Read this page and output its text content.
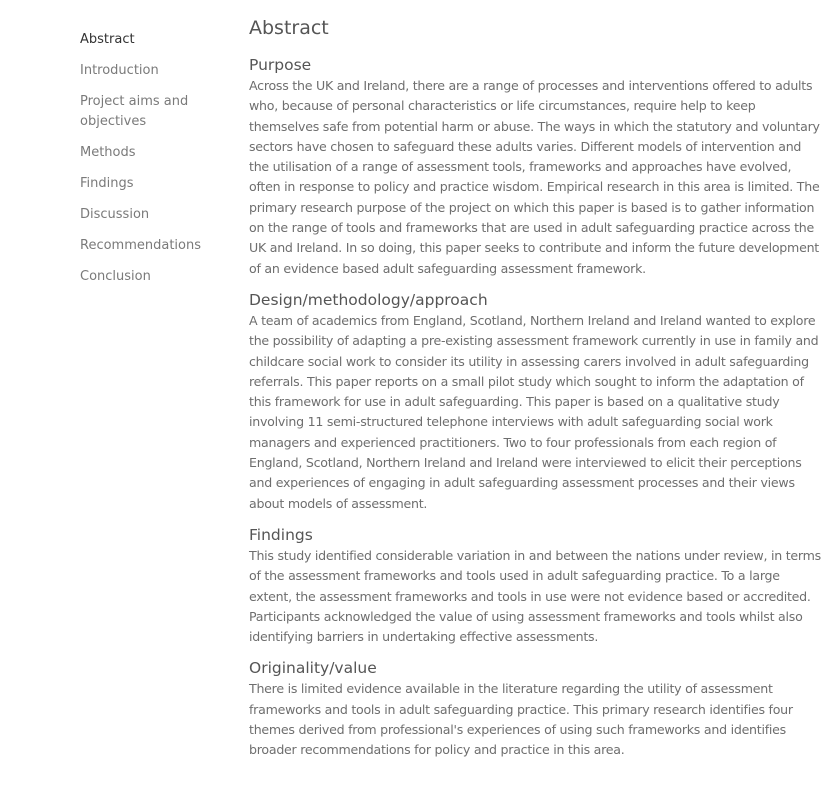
Abstract
Introduction
Project aims and objectives
Methods
Findings
Discussion
Recommendations
Conclusion
Abstract
Purpose

Across the UK and Ireland, there are a range of processes and interventions offered to adults who, because of personal characteristics or life circumstances, require help to keep themselves safe from potential harm or abuse. The ways in which the statutory and voluntary sectors have chosen to safeguard these adults varies. Different models of intervention and the utilisation of a range of assessment tools, frameworks and approaches have evolved, often in response to policy and practice wisdom. Empirical research in this area is limited. The primary research purpose of the project on which this paper is based is to gather information on the range of tools and frameworks that are used in adult safeguarding practice across the UK and Ireland. In so doing, this paper seeks to contribute and inform the future development of an evidence based adult safeguarding assessment framework.

Design/methodology/approach

A team of academics from England, Scotland, Northern Ireland and Ireland wanted to explore the possibility of adapting a pre-existing assessment framework currently in use in family and childcare social work to consider its utility in assessing carers involved in adult safeguarding referrals. This paper reports on a small pilot study which sought to inform the adaptation of this framework for use in adult safeguarding. This paper is based on a qualitative study involving 11 semi-structured telephone interviews with adult safeguarding social work managers and experienced practitioners. Two to four professionals from each region of England, Scotland, Northern Ireland and Ireland were interviewed to elicit their perceptions and experiences of engaging in adult safeguarding assessment processes and their views about models of assessment.

Findings

This study identified considerable variation in and between the nations under review, in terms of the assessment frameworks and tools used in adult safeguarding practice. To a large extent, the assessment frameworks and tools in use were not evidence based or accredited. Participants acknowledged the value of using assessment frameworks and tools whilst also identifying barriers in undertaking effective assessments.

Originality/value

There is limited evidence available in the literature regarding the utility of assessment frameworks and tools in adult safeguarding practice. This primary research identifies four themes derived from professional's experiences of using such frameworks and identifies broader recommendations for policy and practice in this area.
